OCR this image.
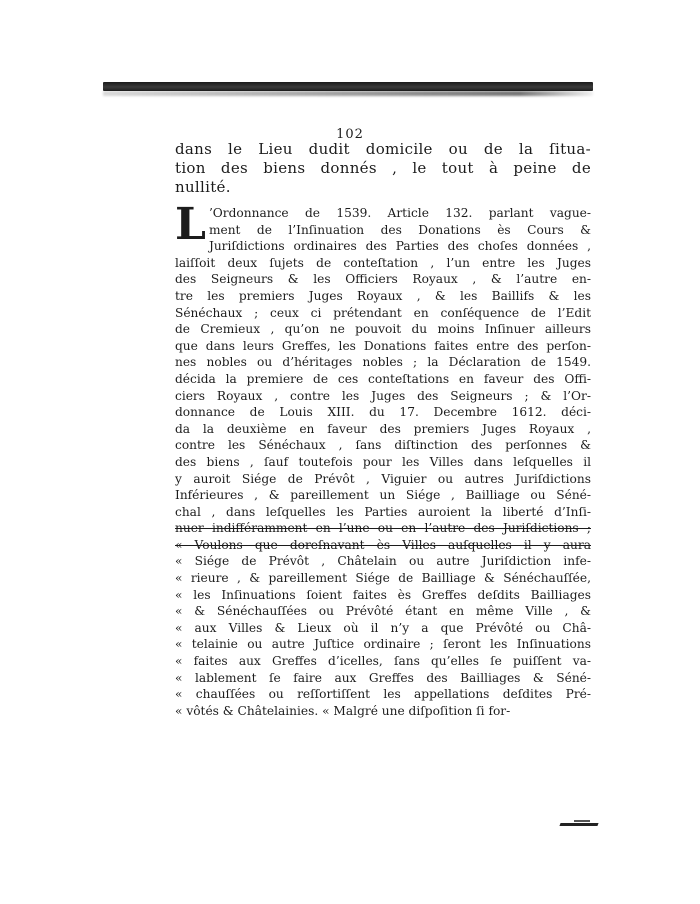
102
dans le Lieu dudit domicile ou de la ſitua-
tion des biens donnés , le tout à peine de
nullité.
L ’Ordonnance de 1539. Article 132. parlant vague-
ment de l’Inſinuation des Donations ès Cours &
Juriſdictions ordinaires des Parties des choſes données ,
laiſſoit deux ſujets de conteſtation , l’un entre les Juges
des Seigneurs & les Officiers Royaux , & l’autre en-
tre les premiers Juges Royaux , & les Baillifs & les
Sénéchaux ; ceux ci prétendant en conſéquence de l’Edit
de Cremieux , qu’on ne pouvoit du moins Inſinuer ailleurs
que dans leurs Greffes, les Donations faites entre des perſon-
nes nobles ou d’héritages nobles ; la Déclaration de 1549.
décida la premiere de ces conteſtations en faveur des Offi-
ciers Royaux , contre les Juges des Seigneurs ; & l’Or-
donnance de Louis XIII. du 17. Decembre 1612. déci-
da la deuxième en faveur des premiers Juges Royaux ,
contre les Sénéchaux , ſans diſtinction des perſonnes &
des biens , ſauf toutefois pour les Villes dans leſquelles il
y auroit Siége de Prévôt , Viguier ou autres Juriſdictions
Inférieures , & pareillement un Siége , Bailliage ou Séné-
chal , dans leſquelles les Parties auroient la liberté d’Inſi-
nuer indifféramment en l’une ou en l’autre des Juriſdictions ;
« Voulons que doreſnavant ès Villes auſquelles il y aura
« Siége de Prévôt , Châtelain ou autre Juriſdiction infe-
« rieure , & pareillement Siége de Bailliage & Sénéchauſſée,
« les Inſinuations ſoient faites ès Greffes deſdits Bailliages
« & Sénéchauſſées ou Prévôté étant en même Ville , &
« aux Villes & Lieux où il n’y a que Prévôté ou Châ-
« telainie ou autre Juſtice ordinaire ; ſeront les Inſinuations
« faites aux Greffes d’icelles, ſans qu’elles ſe puiſſent va-
« lablement ſe faire aux Greffes des Bailliages & Séné-
« chauſſées ou reſſortiſſent les appellations deſdites Pré-
« vôtés & Châtelainies. « Malgré une diſpoſition ſi for-
